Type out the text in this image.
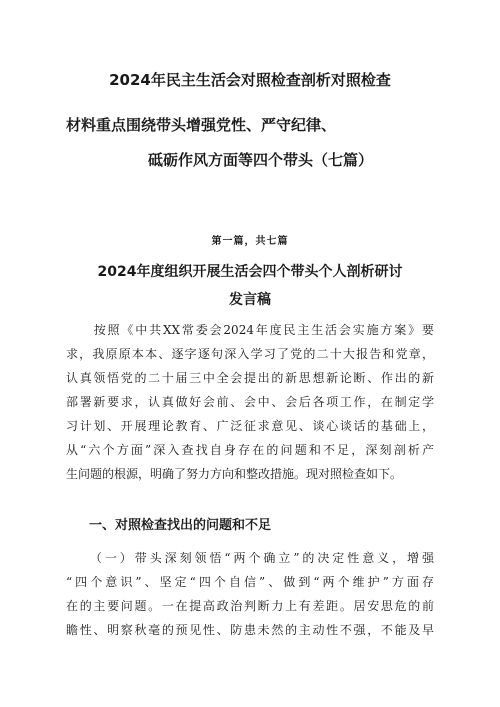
2024年民主生活会对照检查剖析对照检查
材料重点围绕带头增强党性、严守纪律、
砥砺作风方面等四个带头（七篇）
第一篇，共七篇
2024年度组织开展生活会四个带头个人剖析研讨
发言稿
　　按照《中共XX常委会2024年度民主生活会实施方案》要
求，我原原本本、逐字逐句深入学习了党的二十大报告和党章，
认真领悟党的二十届三中全会提出的新思想新论断、作出的新
部署新要求，认真做好会前、会中、会后各项工作，在制定学
习计划、开展理论教育、广泛征求意见、谈心谈话的基础上，
从“六个方面”深入查找自身存在的问题和不足，深刻剖析产
生问题的根源，明确了努力方向和整改措施。现对照检查如下。
一、对照检查找出的问题和不足
　　（一）带头深刻领悟“两个确立”的决定性意义，增强
“四个意识”、坚定“四个自信”、做到“两个维护”方面存
在的主要问题。一在提高政治判断力上有差距。居安思危的前
瞻性、明察秋毫的预见性、防患未然的主动性不强，不能及早
